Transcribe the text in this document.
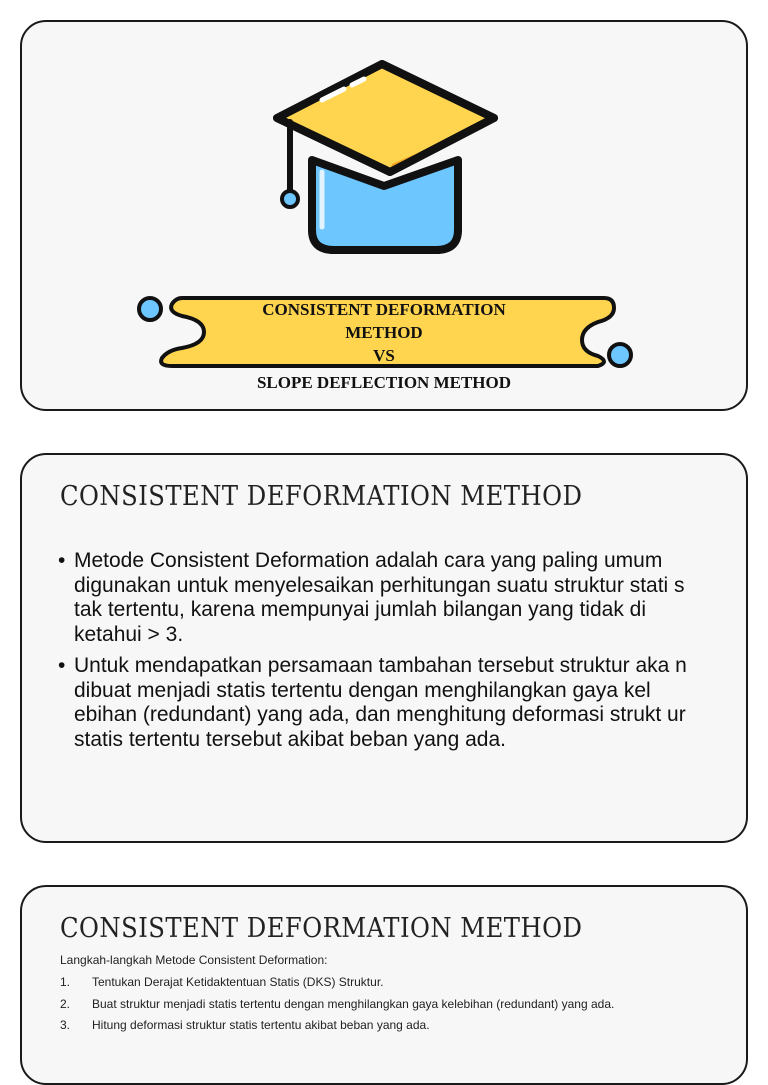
CONSISTENT DEFORMATION
METHOD
VS
SLOPE DEFLECTION METHOD
CONSISTENT DEFORMATION METHOD
• Metode Consistent Deformation adalah cara yang paling umum digunakan untuk menyelesaikan perhitungan suatu struktur stati s tak tertentu, karena mempunyai jumlah bilangan yang tidak di ketahui > 3.
• Untuk mendapatkan persamaan tambahan tersebut struktur aka n dibuat menjadi statis tertentu dengan menghilangkan gaya kel ebihan (redundant) yang ada, dan menghitung deformasi strukt ur statis tertentu tersebut akibat beban yang ada.
CONSISTENT DEFORMATION METHOD

Langkah-langkah Metode Consistent Deformation:

1.	Tentukan Derajat Ketidaktentuan Statis (DKS) Struktur.
2.	Buat struktur menjadi statis tertentu dengan menghilangkan gaya kelebihan (redundant) yang ada.
3.	Hitung deformasi struktur statis tertentu akibat beban yang ada.
